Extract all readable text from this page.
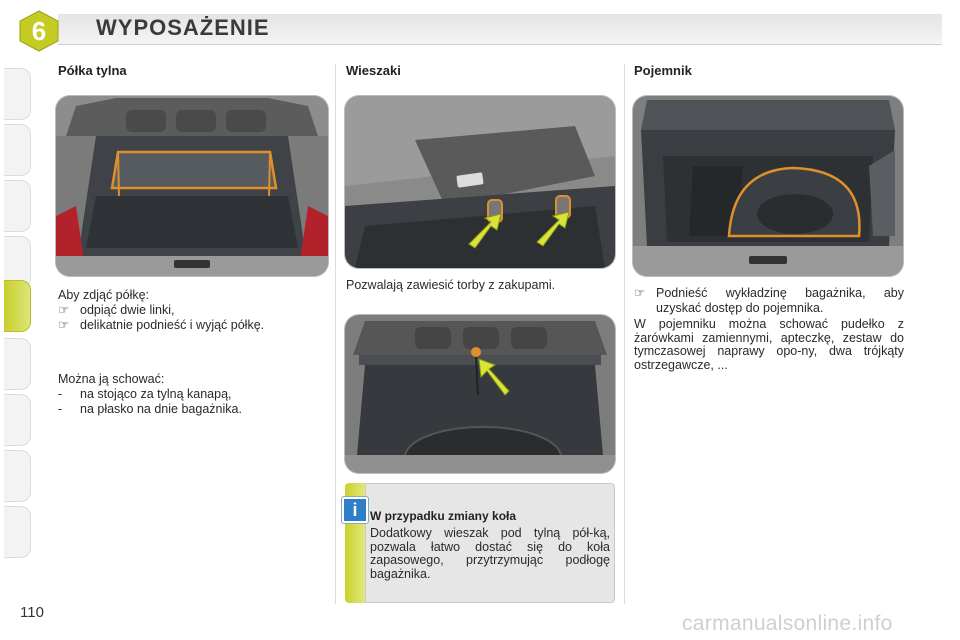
6 WYPOSAŻENIE
Półka tylna

Aby zdjąć półkę:

☞ odpiąć dwie linki,
☞ delikatnie podnieść i wyjąć półkę.

Można ją schować:

-	na stojąco za tylną kanapą,
-	na płasko na dnie bagażnika.
Wieszaki
Pozwalają zawiesić torby z zakupami.
i	W przypadku zmiany koła
Dodatkowy wieszak pod tylną pół-ką, pozwala łatwo dostać się do koła zapasowego, przytrzymując podłogę bagażnika.
Pojemnik
☞ Podnieść wykładzinę bagażnika, aby uzyskać dostęp do pojemnika.
W pojemniku można schować pudełko z żarówkami zamiennymi, apteczkę, zestaw do tymczasowej naprawy opo-ny, dwa trójkąty ostrzegawcze, ...
110	carmanualsonline.info
